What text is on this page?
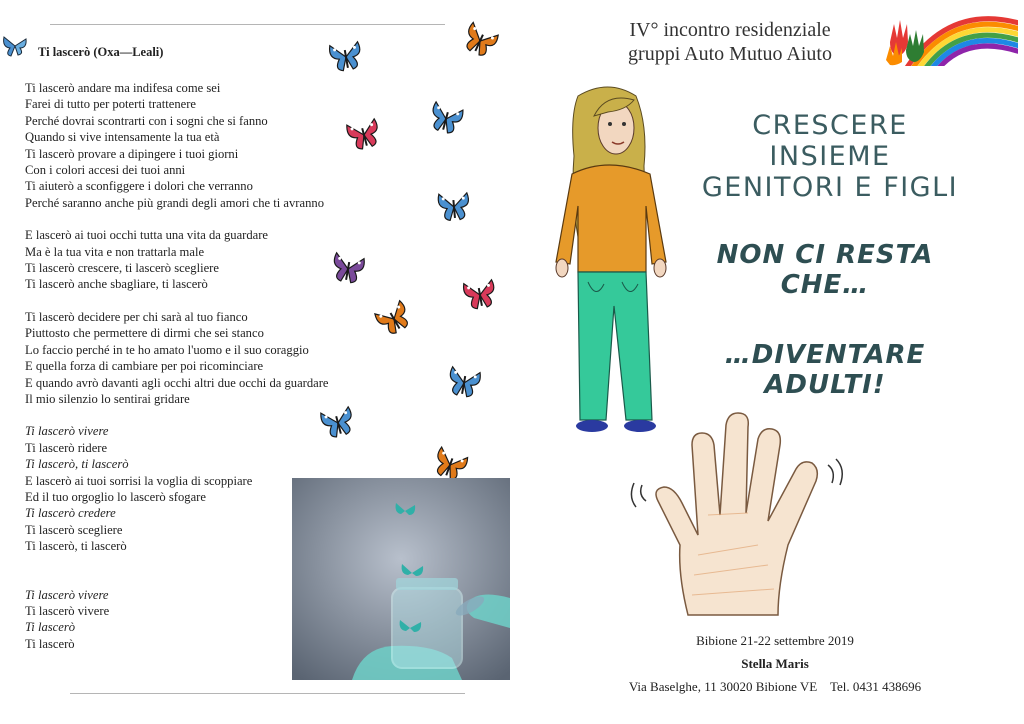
Ti lascerò (Oxa—Leali)
Ti lascerò andare ma indifesa come sei
Farei di tutto per poterti trattenere
Perché dovrai scontrarti con i sogni che si fanno
Quando si vive intensamente la tua età
Ti lascerò provare a dipingere i tuoi giorni
Con i colori accesi dei tuoi anni
Ti aiuterò a sconfiggere i dolori che verranno
Perché saranno anche più grandi degli amori che ti avranno
E lascerò ai tuoi occhi tutta una vita da guardare
Ma è la tua vita e non trattarla male
Ti lascerò crescere, ti lascerò scegliere
Ti lascerò anche sbagliare, ti lascerò
Ti lascerò decidere per chi sarà al tuo fianco
Piuttosto che permettere di dirmi che sei stanco
Lo faccio perché in te ho amato l'uomo e il suo coraggio
E quella forza di cambiare per poi ricominciare
E quando avrò davanti agli occhi altri due occhi da guardare
Il mio silenzio lo sentirai gridare
Ti lascerò vivere
Ti lascerò ridere
Ti lascerò, ti lascerò
E lascerò ai tuoi sorrisi la voglia di scoppiare
Ed il tuo orgoglio lo lascerò sfogare
Ti lascerò credere
Ti lascerò scegliere
Ti lascerò, ti lascerò
Ti lascerò vivere
Ti lascerò vivere
Ti lascerò
Ti lascerò
IV° incontro residenziale
gruppi Auto Mutuo Aiuto
CRESCERE
INSIEME
GENITORI E FIGLI
NON CI RESTA
CHE…
…DIVENTARE
ADULTI!
Bibione 21-22 settembre 2019
Stella Maris
Via Baselghe, 11 30020 Bibione VE    Tel. 0431 438696
